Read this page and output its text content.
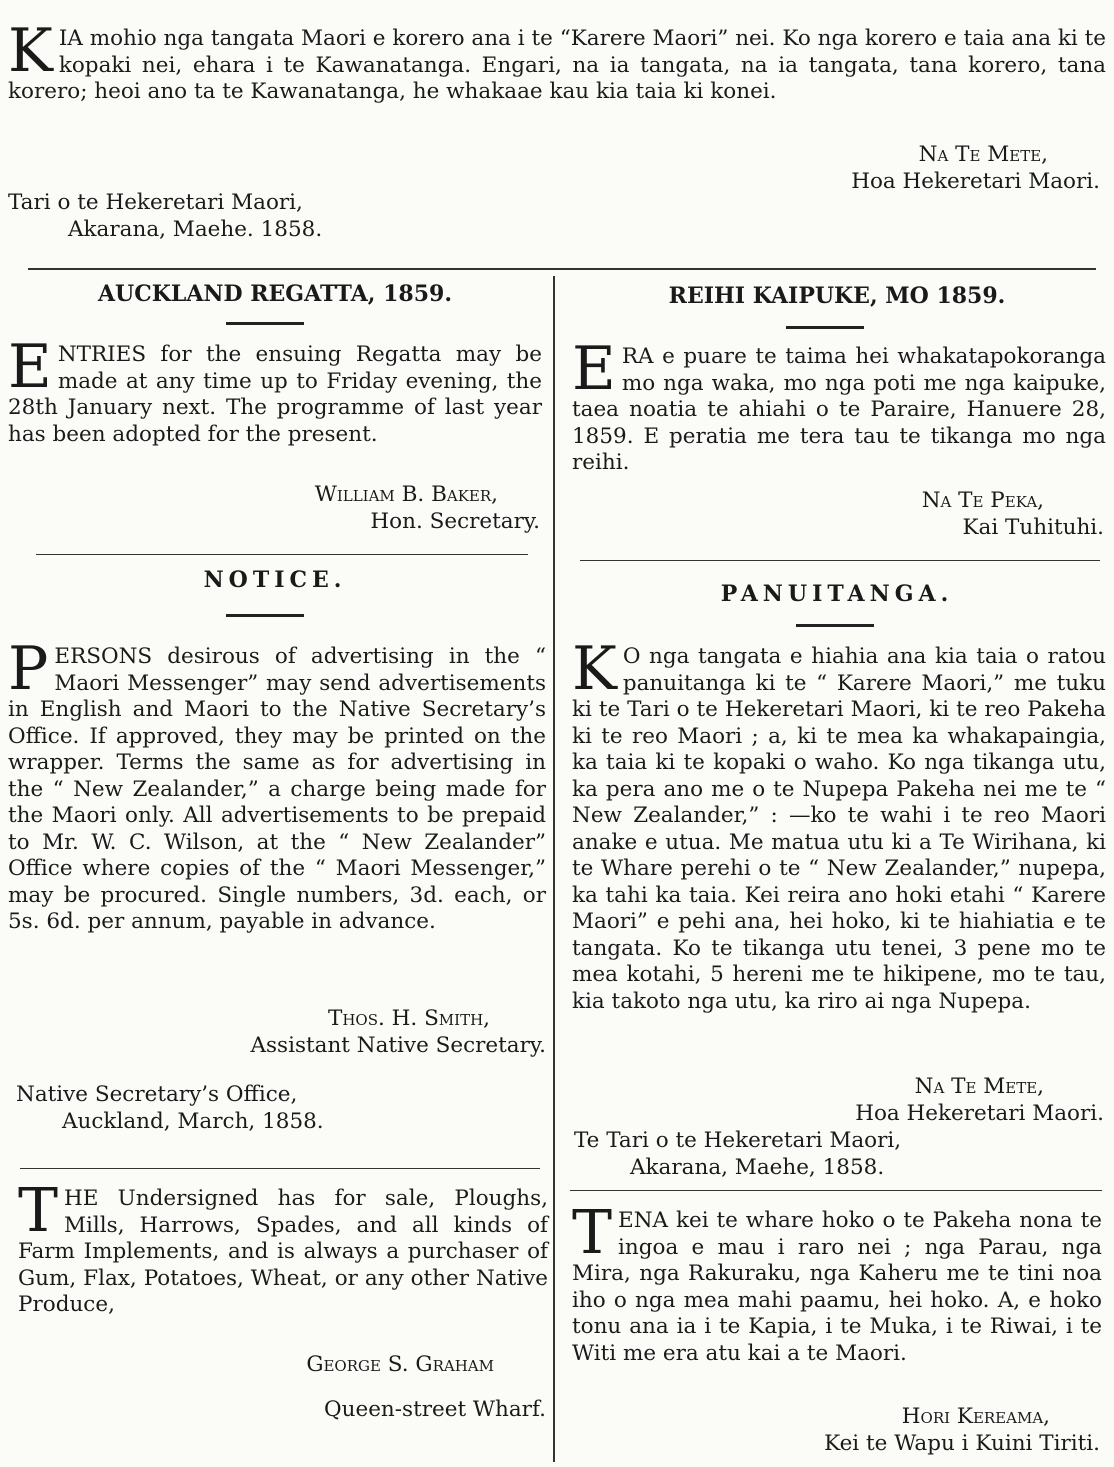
KIA mohio nga tangata Maori e korero ana i te “Karere Maori” nei. Ko nga korero e taia ana ki te kopaki nei, ehara i te Kawanatanga. Engari, na ia tangata, na ia tangata, tana korero, tana korero; heoi ano ta te Kawanatanga, he whakaae kau kia taia ki konei.

Na Te Mete,
Hoa Hekeretari Maori.
Tari o te Hekeretari Maori,
Akarana, Maehe. 1858.
AUCKLAND REGATTA, 1859.

ENTRIES for the ensuing Regatta may be made at any time up to Friday evening, the 28th January next. The programme of last year has been adopted for the present.

William B. Baker,
Hon. Secretary.
NOTICE.

PERSONS desirous of advertising in the “ Maori Messenger” may send advertisements in English and Maori to the Native Secretary’s Office. If approved, they may be printed on the wrapper. Terms the same as for advertising in the “ New Zealander,” a charge being made for the Maori only. All advertisements to be prepaid to Mr. W. C. Wilson, at the “ New Zealander” Office where copies of the “ Maori Messenger,” may be procured. Single numbers, 3d. each, or 5s. 6d. per annum, payable in advance.

Thos. H. Smith,
Assistant Native Secretary.
Native Secretary’s Office,
Auckland, March, 1858.

THE Undersigned has for sale, Ploughs, Mills, Harrows, Spades, and all kinds of Farm Implements, and is always a purchaser of Gum, Flax, Potatoes, Wheat, or any other Native Produce,

George S. Graham
Queen-street Wharf.
REIHI KAIPUKE, MO 1859.

ERA e puare te taima hei whakatapokoranga mo nga waka, mo nga poti me nga kaipuke, taea noatia te ahiahi o te Paraire, Hanuere 28, 1859. E peratia me tera tau te tikanga mo nga reihi.

Na Te Peka,
Kai Tuhituhi.
PANUITANGA.

K O nga tangata e hiahia ana kia taia o ratou panuitanga ki te “ Karere Maori,” me tuku ki te Tari o te Hekeretari Maori, ki te reo Pakeha ki te reo Maori ; a, ki te mea ka whakapaingia, ka taia ki te kopaki o waho. Ko nga tikanga utu, ka pera ano me o te Nupepa Pakeha nei me te “ New Zealander,” : —ko te wahi i te reo Maori anake e utua. Me matua utu ki a Te Wirihana, ki te Whare perehi o te “ New Zealander,” nupepa, ka tahi ka taia. Kei reira ano hoki etahi “ Karere Maori” e pehi ana, hei hoko, ki te hiahiatia e te tangata. Ko te tikanga utu tenei, 3 pene mo te mea kotahi, 5 hereni me te hikipene, mo te tau, kia takoto nga utu, ka riro ai nga Nupepa.

Na Te Mete,
Hoa Hekeretari Maori.
Te Tari o te Hekeretari Maori,
Akarana, Maehe, 1858.

TENA kei te whare hoko o te Pakeha nona te ingoa e mau i raro nei ; nga Parau, nga Mira, nga Rakuraku, nga Kaheru me te tini noa iho o nga mea mahi paamu, hei hoko. A, e hoko tonu ana ia i te Kapia, i te Muka, i te Riwai, i te Witi me era atu kai a te Maori.

Hori Kereama,
Kei te Wapu i Kuini Tiriti.
